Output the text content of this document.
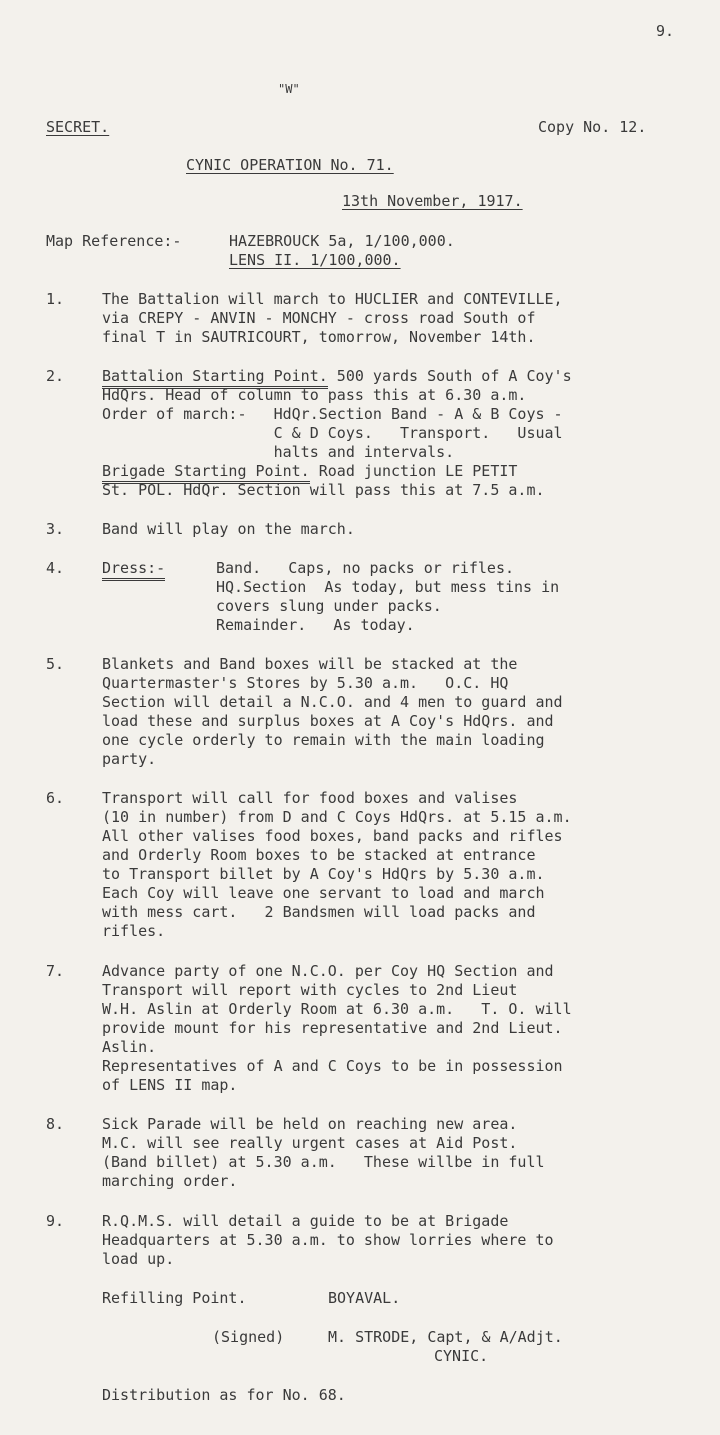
9.
"W"
SECRET.	Copy No. 12.
CYNIC OPERATION No. 71.
13th November, 1917.
Map Reference:-	HAZEBROUCK 5a, 1/100,000.
LENS II. 1/100,000.
1.	The Battalion will march to HUCLIER and CONTEVILLE,
via CREPY - ANVIN - MONCHY - cross road South of
final T in SAUTRICOURT, tomorrow, November 14th.
2.	Battalion Starting Point. 500 yards South of A Coy's
HdQrs. Head of column to pass this at 6.30 a.m.
Order of march:-   HdQr.Section Band - A & B Coys -
C & D Coys.   Transport.   Usual
halts and intervals.
Brigade Starting Point. Road junction LE PETIT
St. POL. HdQr. Section will pass this at 7.5 a.m.
3.	Band will play on the march.
4.	Dress:-	Band.   Caps, no packs or rifles.
HQ.Section  As today, but mess tins in
covers slung under packs.
Remainder.   As today.
5.	Blankets and Band boxes will be stacked at the
Quartermaster's Stores by 5.30 a.m.   O.C. HQ
Section will detail a N.C.O. and 4 men to guard and
load these and surplus boxes at A Coy's HdQrs. and
one cycle orderly to remain with the main loading
party.
6.	Transport will call for food boxes and valises
(10 in number) from D and C Coys HdQrs. at 5.15 a.m.
All other valises food boxes, band packs and rifles
and Orderly Room boxes to be stacked at entrance
to Transport billet by A Coy's HdQrs by 5.30 a.m.
Each Coy will leave one servant to load and march
with mess cart.   2 Bandsmen will load packs and
rifles.
7.	Advance party of one N.C.O. per Coy HQ Section and
Transport will report with cycles to 2nd Lieut
W.H. Aslin at Orderly Room at 6.30 a.m.   T. O. will
provide mount for his representative and 2nd Lieut.
Aslin.
Representatives of A and C Coys to be in possession
of LENS II map.
8.	Sick Parade will be held on reaching new area.
M.C. will see really urgent cases at Aid Post.
(Band billet) at 5.30 a.m.   These willbe in full
marching order.
9.	R.Q.M.S. will detail a guide to be at Brigade
Headquarters at 5.30 a.m. to show lorries where to
load up.
Refilling Point.	BOYAVAL.
(Signed)	M. STRODE, Capt, & A/Adjt.
CYNIC.
Distribution as for No. 68.
